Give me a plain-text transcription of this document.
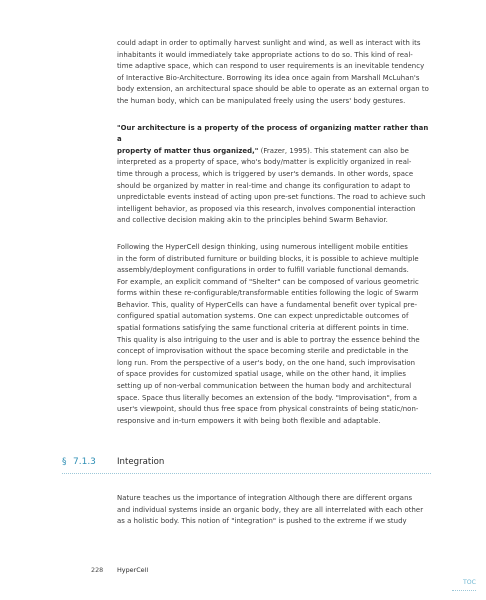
could adapt in order to optimally harvest sunlight and wind, as well as interact with its
inhabitants it would immediately take appropriate actions to do so. This kind of real-
time adaptive space, which can respond to user requirements is an inevitable tendency
of Interactive Bio-Architecture. Borrowing its idea once again from Marshall McLuhan's
body extension, an architectural space should be able to operate as an external organ to
the human body, which can be manipulated freely using the users' body gestures.

"Our architecture is a property of the process of organizing matter rather than a
property of matter thus organized," (Frazer, 1995). This statement can also be
interpreted as a property of space, who's body/matter is explicitly organized in real-
time through a process, which is triggered by user's demands. In other words, space
should be organized by matter in real-time and change its configuration to adapt to
unpredictable events instead of acting upon pre-set functions. The road to achieve such
intelligent behavior, as proposed via this research, involves componential interaction
and collective decision making akin to the principles behind Swarm Behavior.

Following the HyperCell design thinking, using numerous intelligent mobile entities
in the form of distributed furniture or building blocks, it is possible to achieve multiple
assembly/deployment configurations in order to fulfill variable functional demands.
For example, an explicit command of "Shelter" can be composed of various geometric
forms within these re-configurable/transformable entities following the logic of Swarm
Behavior. This, quality of HyperCells can have a fundamental benefit over typical pre-
configured spatial automation systems. One can expect unpredictable outcomes of
spatial formations satisfying the same functional criteria at different points in time.
This quality is also intriguing to the user and is able to portray the essence behind the
concept of improvisation without the space becoming sterile and predictable in the
long run. From the perspective of a user's body, on the one hand, such improvisation
of space provides for customized spatial usage, while on the other hand, it implies
setting up of non-verbal communication between the human body and architectural
space. Space thus literally becomes an extension of the body. "Improvisation", from a
user's viewpoint, should thus free space from physical constraints of being static/non-
responsive and in-turn empowers it with being both flexible and adaptable.

§ 7.1.3 Integration

Nature teaches us the importance of integration Although there are different organs
and individual systems inside an organic body, they are all interrelated with each other
as a holistic body. This notion of "integration" is pushed to the extreme if we study

228 HyperCell
TOC
